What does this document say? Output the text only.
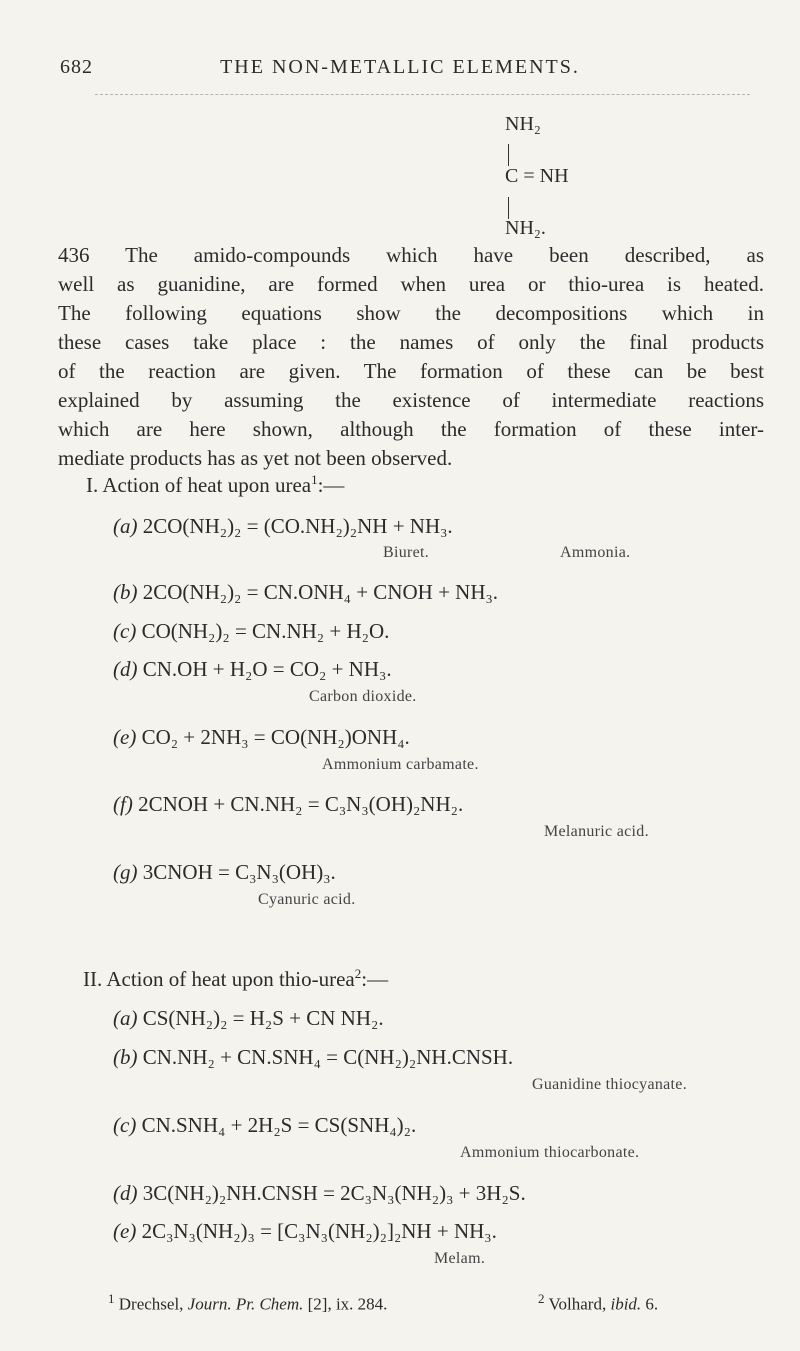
682	THE NON-METALLIC ELEMENTS.
NH₂
C = NH
NH₂.
436 The amido-compounds which have been described, as
well as guanidine, are formed when urea or thio-urea is heated.
The following equations show the decompositions which in
these cases take place : the names of only the final products
of the reaction are given. The formation of these can be best
explained by assuming the existence of intermediate reactions
which are here shown, although the formation of these inter-
mediate products has as yet not been observed.
I. Action of heat upon urea$^1$:—
(a) 2CO(NH₂)₂ = (CO.NH₂)₂NH + NH₃.
Biuret.	Ammonia.
(b) 2CO(NH₂)₂ = CN.ONH₄ + CNOH + NH₃.
(c) CO(NH₂)₂ = CN.NH₂ + H₂O.
(d) CN.OH + H₂O = CO₂ + NH₃.
Carbon dioxide.
(e) CO₂ + 2NH₃ = CO(NH₂)ONH₄.
Ammonium carbamate.
(f) 2CNOH + CN.NH₂ = C₃N₃(OH)₂NH₂.
Melanuric acid.
(g) 3CNOH = C₃N₃(OH)₃.
Cyanuric acid.
II. Action of heat upon thio-urea$^2$:—
(a) CS(NH₂)₂ = H₂S + CN NH₂.
(b) CN.NH₂ + CN.SNH₄ = C(NH₂)₂NH.CNSH.
Guanidine thiocyanate.
(c) CN.SNH₄ + 2H₂S = CS(SNH₄)₂.
Ammonium thiocarbonate.
(d) 3C(NH₂)₂NH.CNSH = 2C₃N₃(NH₂)₃ + 3H₂S.
(e) 2C₃N₃(NH₂)₃ = [C₃N₃(NH₂)₂]₂NH + NH₃.
Melam.
$^1$ Drechsel, Journ. Pr. Chem. [2], ix. 284.	$^2$ Volhard, ibid. 6.
